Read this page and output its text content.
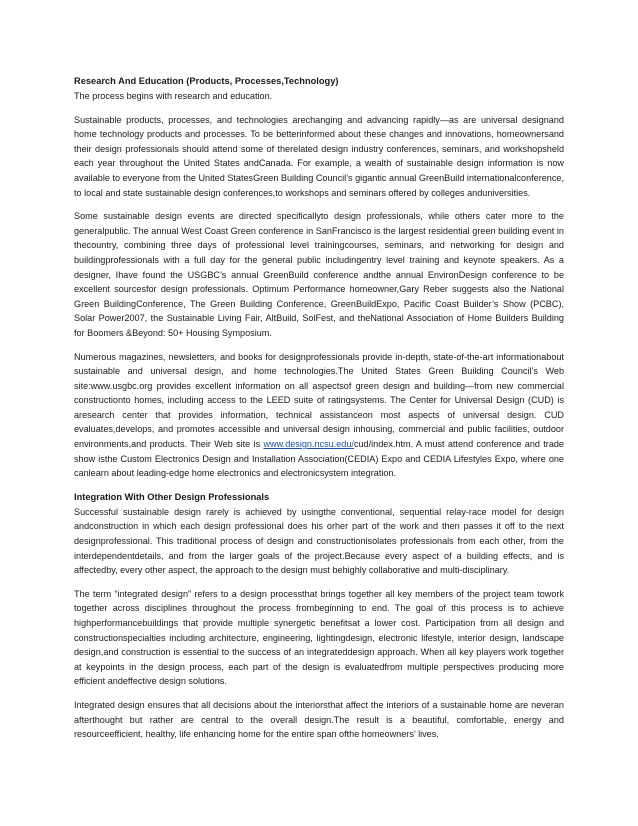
Research And Education (Products, Processes,Technology)

The process begins with research and education.

Sustainable products, processes, and technologies arechanging and advancing rapidly—as are universal designand home technology products and processes. To be betterinformed about these changes and innovations, homeownersand their design professionals should attend some of therelated design industry conferences, seminars, and workshopsheld each year throughout the United States andCanada. For example, a wealth of sustainable design information is now available to everyone from the United StatesGreen Building Council’s gigantic annual GreenBuild internationalconference, to local and state sustainable design conferences,to workshops and seminars offered by colleges anduniversities.

Some sustainable design events are directed specificallyto design professionals, while others cater more to the generalpublic. The annual West Coast Green conference in SanFrancisco is the largest residential green building event in thecountry, combining three days of professional level trainingcourses, seminars, and networking for design and buildingprofessionals with a full day for the general public includingentry level training and keynote speakers. As a designer, Ihave found the USGBC’s annual GreenBuild conference andthe annual EnvironDesign conference to be excellent sourcesfor design professionals. Optimum Performance homeowner,Gary Reber suggests also the National Green BuildingConference, The Green Building Conference, GreenBuildExpo, Pacific Coast Builder’s Show (PCBC), Solar Power2007, the Sustainable Living Fair, AltBuild, SolFest, and theNational Association of Home Builders Building for Boomers &Beyond: 50+ Housing Symposium.

Numerous magazines, newsletters, and books for designprofessionals provide in-depth, state-of-the-art informationabout sustainable and universal design, and home technologies.The United States Green Building Council’s Web site:www.usgbc.org provides excellent information on all aspectsof green design and building—from new commercial constructionto homes, including access to the LEED suite of ratingsystems. The Center for Universal Design (CUD) is aresearch center that provides information, technical assistanceon most aspects of universal design. CUD evaluates,develops, and promotes accessible and universal design inhousing, commercial and public facilities, outdoor environments,and products. Their Web site is www.design.ncsu.edu/cud/index.htm. A must attend conference and trade show isthe Custom Electronics Design and Installation Association(CEDIA) Expo and CEDIA Lifestyles Expo, where one canlearn about leading-edge home electronics and electronicsystem integration.

Integration With Other Design Professionals

Successful sustainable design rarely is achieved by usingthe conventional, sequential relay-race model for design andconstruction in which each design professional does his orher part of the work and then passes it off to the next designprofessional. This traditional process of design and constructionisolates professionals from each other, from the interdependentdetails, and from the larger goals of the project.Because every aspect of a building effects, and is affectedby, every other aspect, the approach to the design must behighly collaborative and multi-disciplinary.

The term “integrated design” refers to a design processthat brings together all key members of the project team towork together across disciplines throughout the process frombeginning to end. The goal of this process is to achieve highperformancebuildings that provide multiple synergetic benefitsat a lower cost. Participation from all design and constructionspecialties including architecture, engineering, lightingdesign, electronic lifestyle, interior design, landscape design,and construction is essential to the success of an integrateddesign approach. When all key players work together at keypoints in the design process, each part of the design is evaluatedfrom multiple perspectives producing more efficient andeffective design solutions.

Integrated design ensures that all decisions about the interiorsthat affect the interiors of a sustainable home are neveran afterthought but rather are central to the overall design.The result is a beautiful, comfortable, energy and resourceefficient, healthy, life enhancing home for the entire span ofthe homeowners’ lives.
